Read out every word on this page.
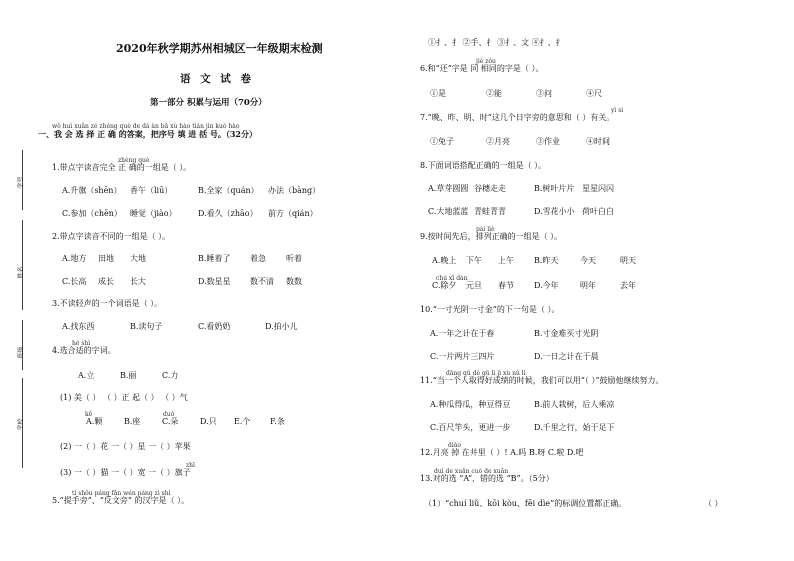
学号
姓名
班级
学校
2020年秋学期苏州相城区一年级期末检测
语 文 试 卷
第一部分 积累与运用（70分）
wǒ huì xuǎn zé zhèng què de dá àn bǎ xù hào tián jìn kuò hào
一、我 会 选 择 正 确 的答案，把序号 填 进 括 号。（32分）
zhèng què
1.带点字读音完全 正 确的一组是（ ）。
A.升旗（shēn） 香午（liū）	B.全家（quán） 办法（bàng）
C.参加（chēn） 睡觉（jiào）	D.看久（zhāo） 前方（qián）
2.带点字读音不同的一组是（ ）。
A.地方 田地 大地	B.睡着了 着急	听着
C.长高 成长 长大	D.数星星 数不清 数数
3.不读轻声的一个词语是（ ）。
A.找东西	B.读句子	C.看奶奶	D.拍小儿
hé shì
4.选合适的字词。
A.立	B.丽	C.力
(1) 美（ ） （ ）正 起（ ） （ ）气
kē	duǒ
A.颗	B.座	C.朵	D.只 E.个 F.条
(2) 一（ ）花 一（ ）星 一（ ）苹果
zhī
(3) 一（ ）猫 一（ ）宽 一（ ）旗子
tí shǒu páng fǎn wén páng zì shì
5.“提手旁”、“反文旁” 的汉字是（ ）。
①扌、扌 ②手、扌 ③扌、文 ④扌、扌
jiè zǒu
6.和“还”字是 同 相同的字是（ ）。
①是	②能	③问	④尺
yì si
7.“晚、昨、明、时”这几个日字旁的意思和（ ）有关。
①兔子	②月亮	③作业	④时间
8.下面词语搭配正确的一组是（ ）。
A.草芽圆圆 谷穗走走	B.树叶片片 星星闪闪
C.大地蓝蓝 青蛙青青	D.雪花小小 荷叶白白
pái liè
9.按时间先后，排列正确的一组是（ ）。
A.晚上 下午 上午	B.昨天	今天	明天
chú xī dàn
C.除夕 元旦 春节	D.今年	明年	去年
10.“一寸光阴一寸金”的下一句是（ ）。
A.一年之计在于春	B.寸金难买寸光阴
C.一片两片三四片	D.一日之计在于晨
dāng qǔ dé gǔ lì jì xù nǔ lì
11.“当一个人取得好成绩的时候，我们可以用“（ ）”鼓励他继续努力。
A.种瓜得瓜，种豆得豆	B.前人栽树，后人乘凉
C.百尺竿头，更进一步	D.千里之行，始于足下
diào
12.月亮 掉 在井里（ ）! A.吗 B.呀 C.啦 D.吧
duì de xuǎn cuò de xuǎn
13.对的选 “A”，错的选 “B”。（5分）
（1）“chuí liǔ、kōi kòu、fēi dìe”的标调位置都正确。	（ ）
